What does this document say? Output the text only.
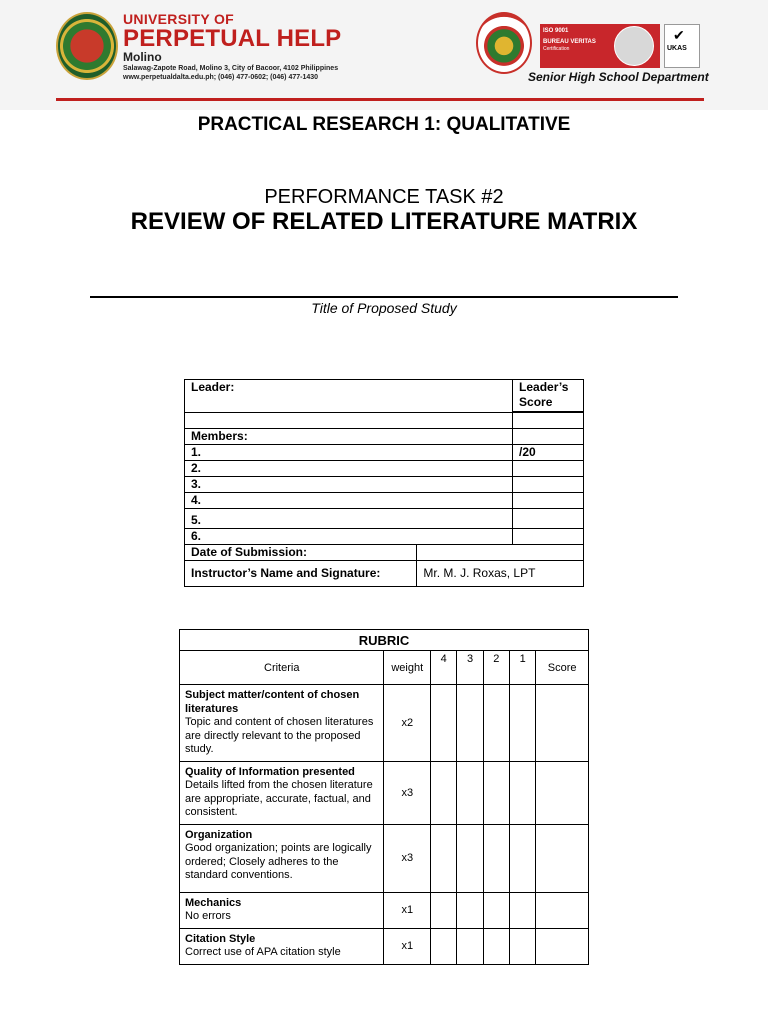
UNIVERSITY OF
PERPETUAL HELP
Molino
Salawag-Zapote Road, Molino 3, City of Bacoor, 4102 Philippines
www.perpetualdalta.edu.ph; (046) 477-0602; (046) 477-1430
ISO 9001
BUREAU VERITAS
Certification
✔
UKAS
Senior High School Department
PRACTICAL RESEARCH 1: QUALITATIVE
PERFORMANCE TASK #2
REVIEW OF RELATED LITERATURE MATRIX
Title of Proposed Study
Leader:		Leader’s Score

Members:		
1.		/20
2.		
3.		
4.		
5.		
6.		
Date of Submission:		
Instructor’s Name and Signature:	Mr. M. J. Roxas, LPT	
RUBRIC						
Criteria	weight	4	3	2	1	Score

Subject matter/content of chosen literatures
Topic and content of chosen literatures are directly relevant to the proposed study.	x2					

Quality of Information presented
Details lifted from the chosen literature are appropriate, accurate, factual, and consistent.	x3					

Organization
Good organization; points are logically ordered; Closely adheres to the standard conventions.	x3					

Mechanics
No errors	x1					

Citation Style
Correct use of APA citation style	x1					
